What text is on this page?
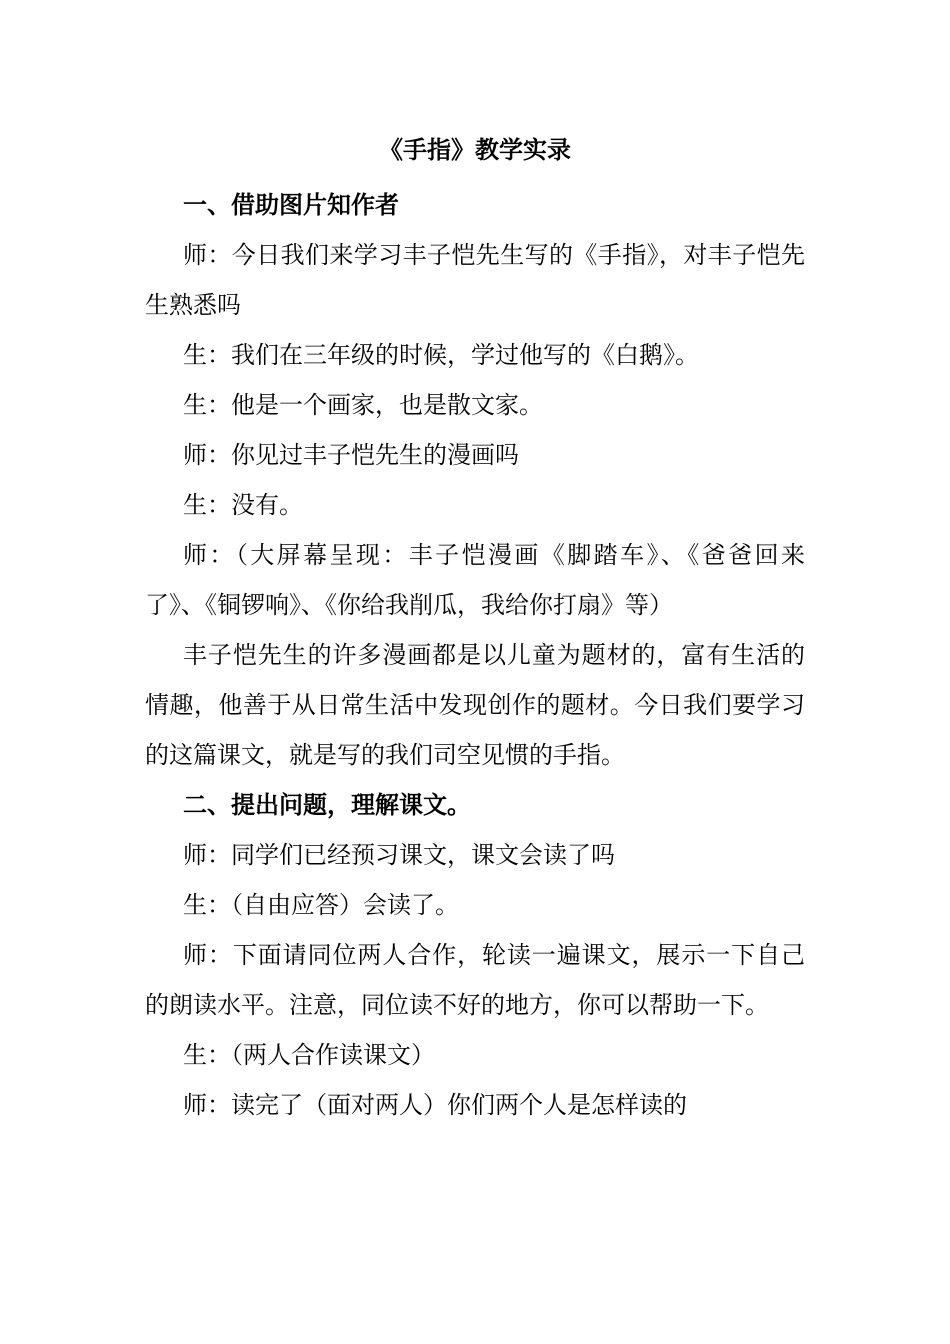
《手指》教学实录

一、借助图片知作者

师：今日我们来学习丰子恺先生写的《手指》，对丰子恺先生熟悉吗

生：我们在三年级的时候，学过他写的《白鹅》。

生：他是一个画家，也是散文家。

师：你见过丰子恺先生的漫画吗

生：没有。

师：（大屏幕呈现：丰子恺漫画《脚踏车》、《爸爸回来了》、《铜锣响》、《你给我削瓜，我给你打扇》等）

丰子恺先生的许多漫画都是以儿童为题材的，富有生活的情趣，他善于从日常生活中发现创作的题材。今日我们要学习的这篇课文，就是写的我们司空见惯的手指。

二、提出问题，理解课文。

师：同学们已经预习课文，课文会读了吗

生：（自由应答）会读了。

师：下面请同位两人合作，轮读一遍课文，展示一下自己的朗读水平。注意，同位读不好的地方，你可以帮助一下。

生：（两人合作读课文）

师：读完了（面对两人）你们两个人是怎样读的
